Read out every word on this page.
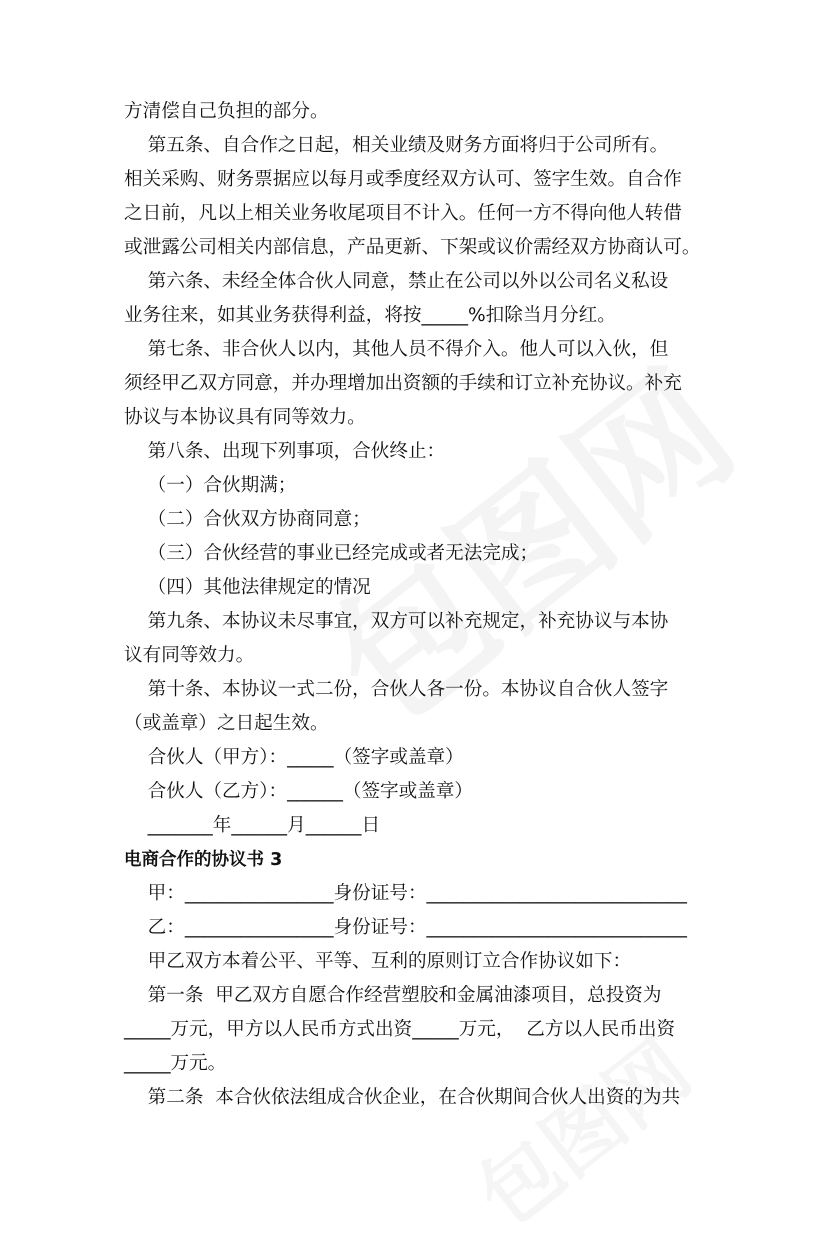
方清偿自己负担的部分。
第五条、自合作之日起，相关业绩及财务方面将归于公司所有。
相关采购、财务票据应以每月或季度经双方认可、签字生效。自合作
之日前，凡以上相关业务收尾项目不计入。任何一方不得向他人转借
或泄露公司相关内部信息，产品更新、下架或议价需经双方协商认可。
第六条、未经全体合伙人同意，禁止在公司以外以公司名义私设
业务往来，如其业务获得利益，将按_____%扣除当月分红。
第七条、非合伙人以内，其他人员不得介入。他人可以入伙，但
须经甲乙双方同意，并办理增加出资额的手续和订立补充协议。补充
协议与本协议具有同等效力。
第八条、出现下列事项，合伙终止：
（一）合伙期满；
（二）合伙双方协商同意；
（三）合伙经营的事业已经完成或者无法完成；
（四）其他法律规定的情况
第九条、本协议未尽事宜，双方可以补充规定，补充协议与本协
议有同等效力。
第十条、本协议一式二份，合伙人各一份。本协议自合伙人签字
（或盖章）之日起生效。
合伙人（甲方）：_____（签字或盖章）
合伙人（乙方）：______（签字或盖章）
_______年______月______日
电商合作的协议书 3
甲：________________身份证号：____________________________
乙：________________身份证号：____________________________
甲乙双方本着公平、平等、互利的原则订立合作协议如下：
第一条  甲乙双方自愿合作经营塑胶和金属油漆项目，总投资为
_____万元，甲方以人民币方式出资_____万元，  乙方以人民币出资
_____万元。
第二条  本合伙依法组成合伙企业，在合伙期间合伙人出资的为共
